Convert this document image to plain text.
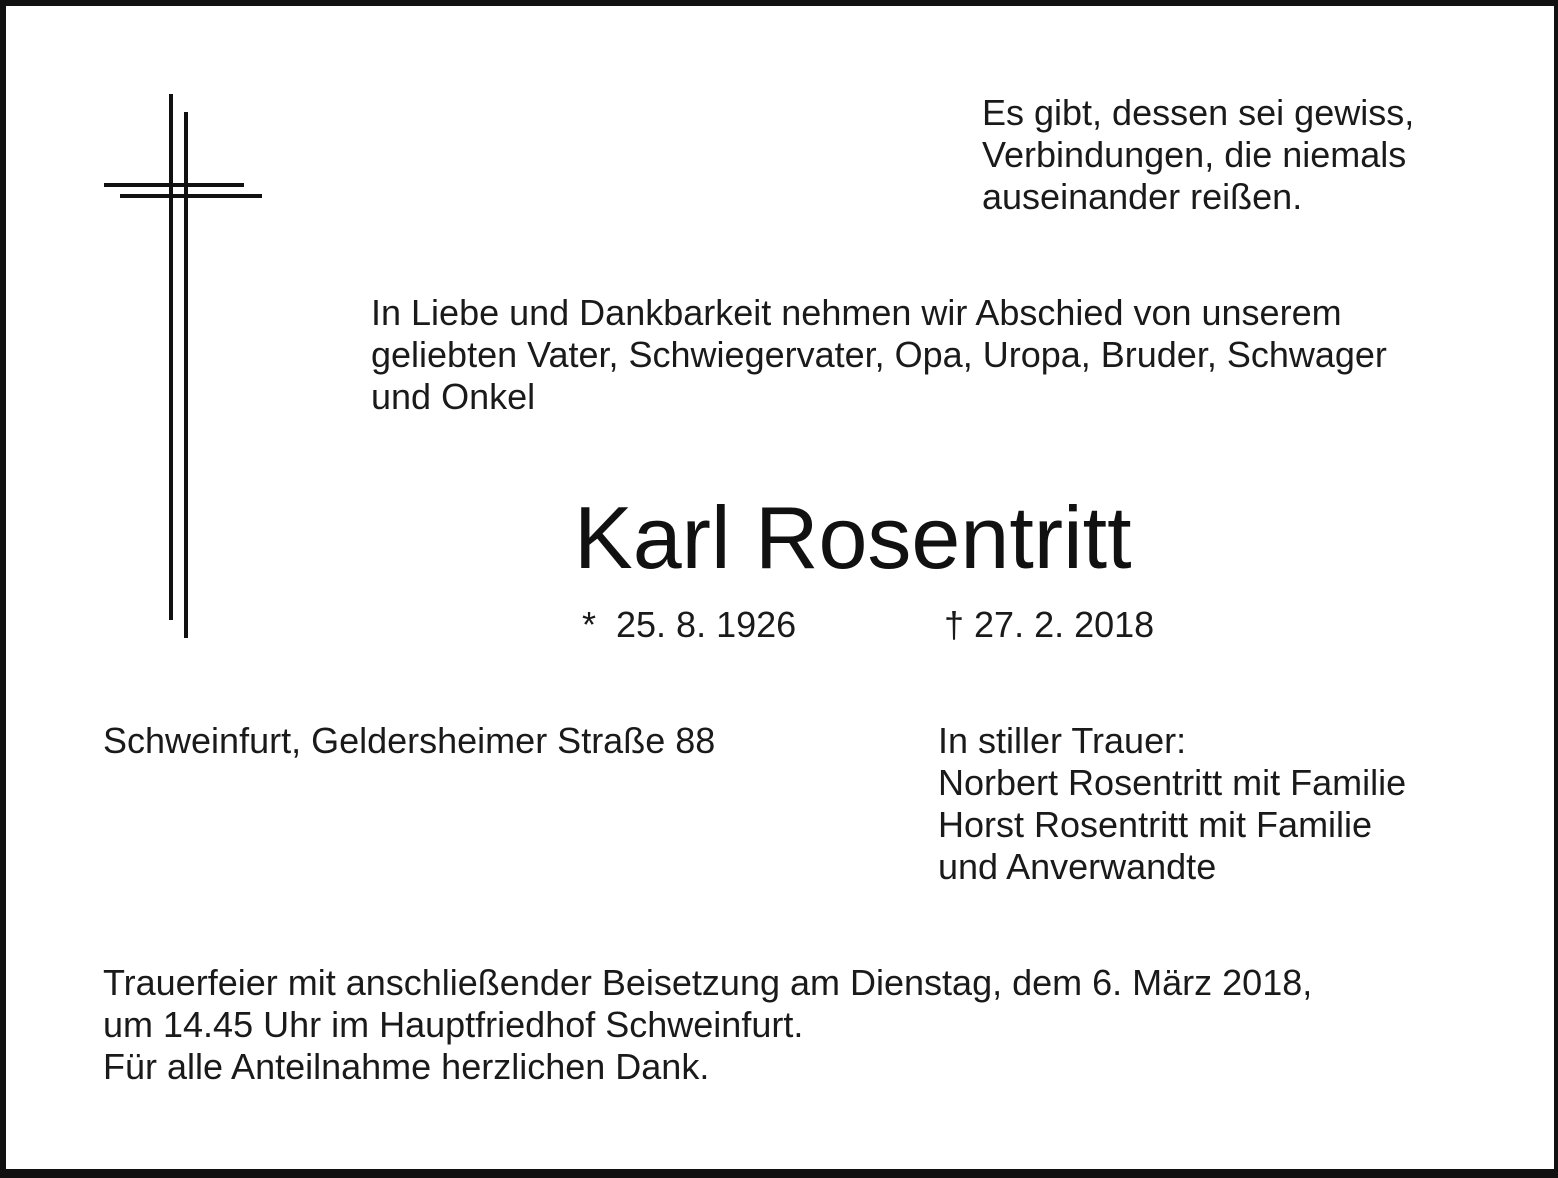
Es gibt, dessen sei gewiss,
Verbindungen, die niemals
auseinander reißen.
In Liebe und Dankbarkeit nehmen wir Abschied von unserem
geliebten Vater, Schwiegervater, Opa, Uropa, Bruder, Schwager
und Onkel
Karl Rosentritt
*  25. 8. 1926	† 27. 2. 2018
Schweinfurt, Geldersheimer Straße 88	In stiller Trauer:
Norbert Rosentritt mit Familie
Horst Rosentritt mit Familie
und Anverwandte
Trauerfeier mit anschließender Beisetzung am Dienstag, dem 6. März 2018,
um 14.45 Uhr im Hauptfriedhof Schweinfurt.
Für alle Anteilnahme herzlichen Dank.
